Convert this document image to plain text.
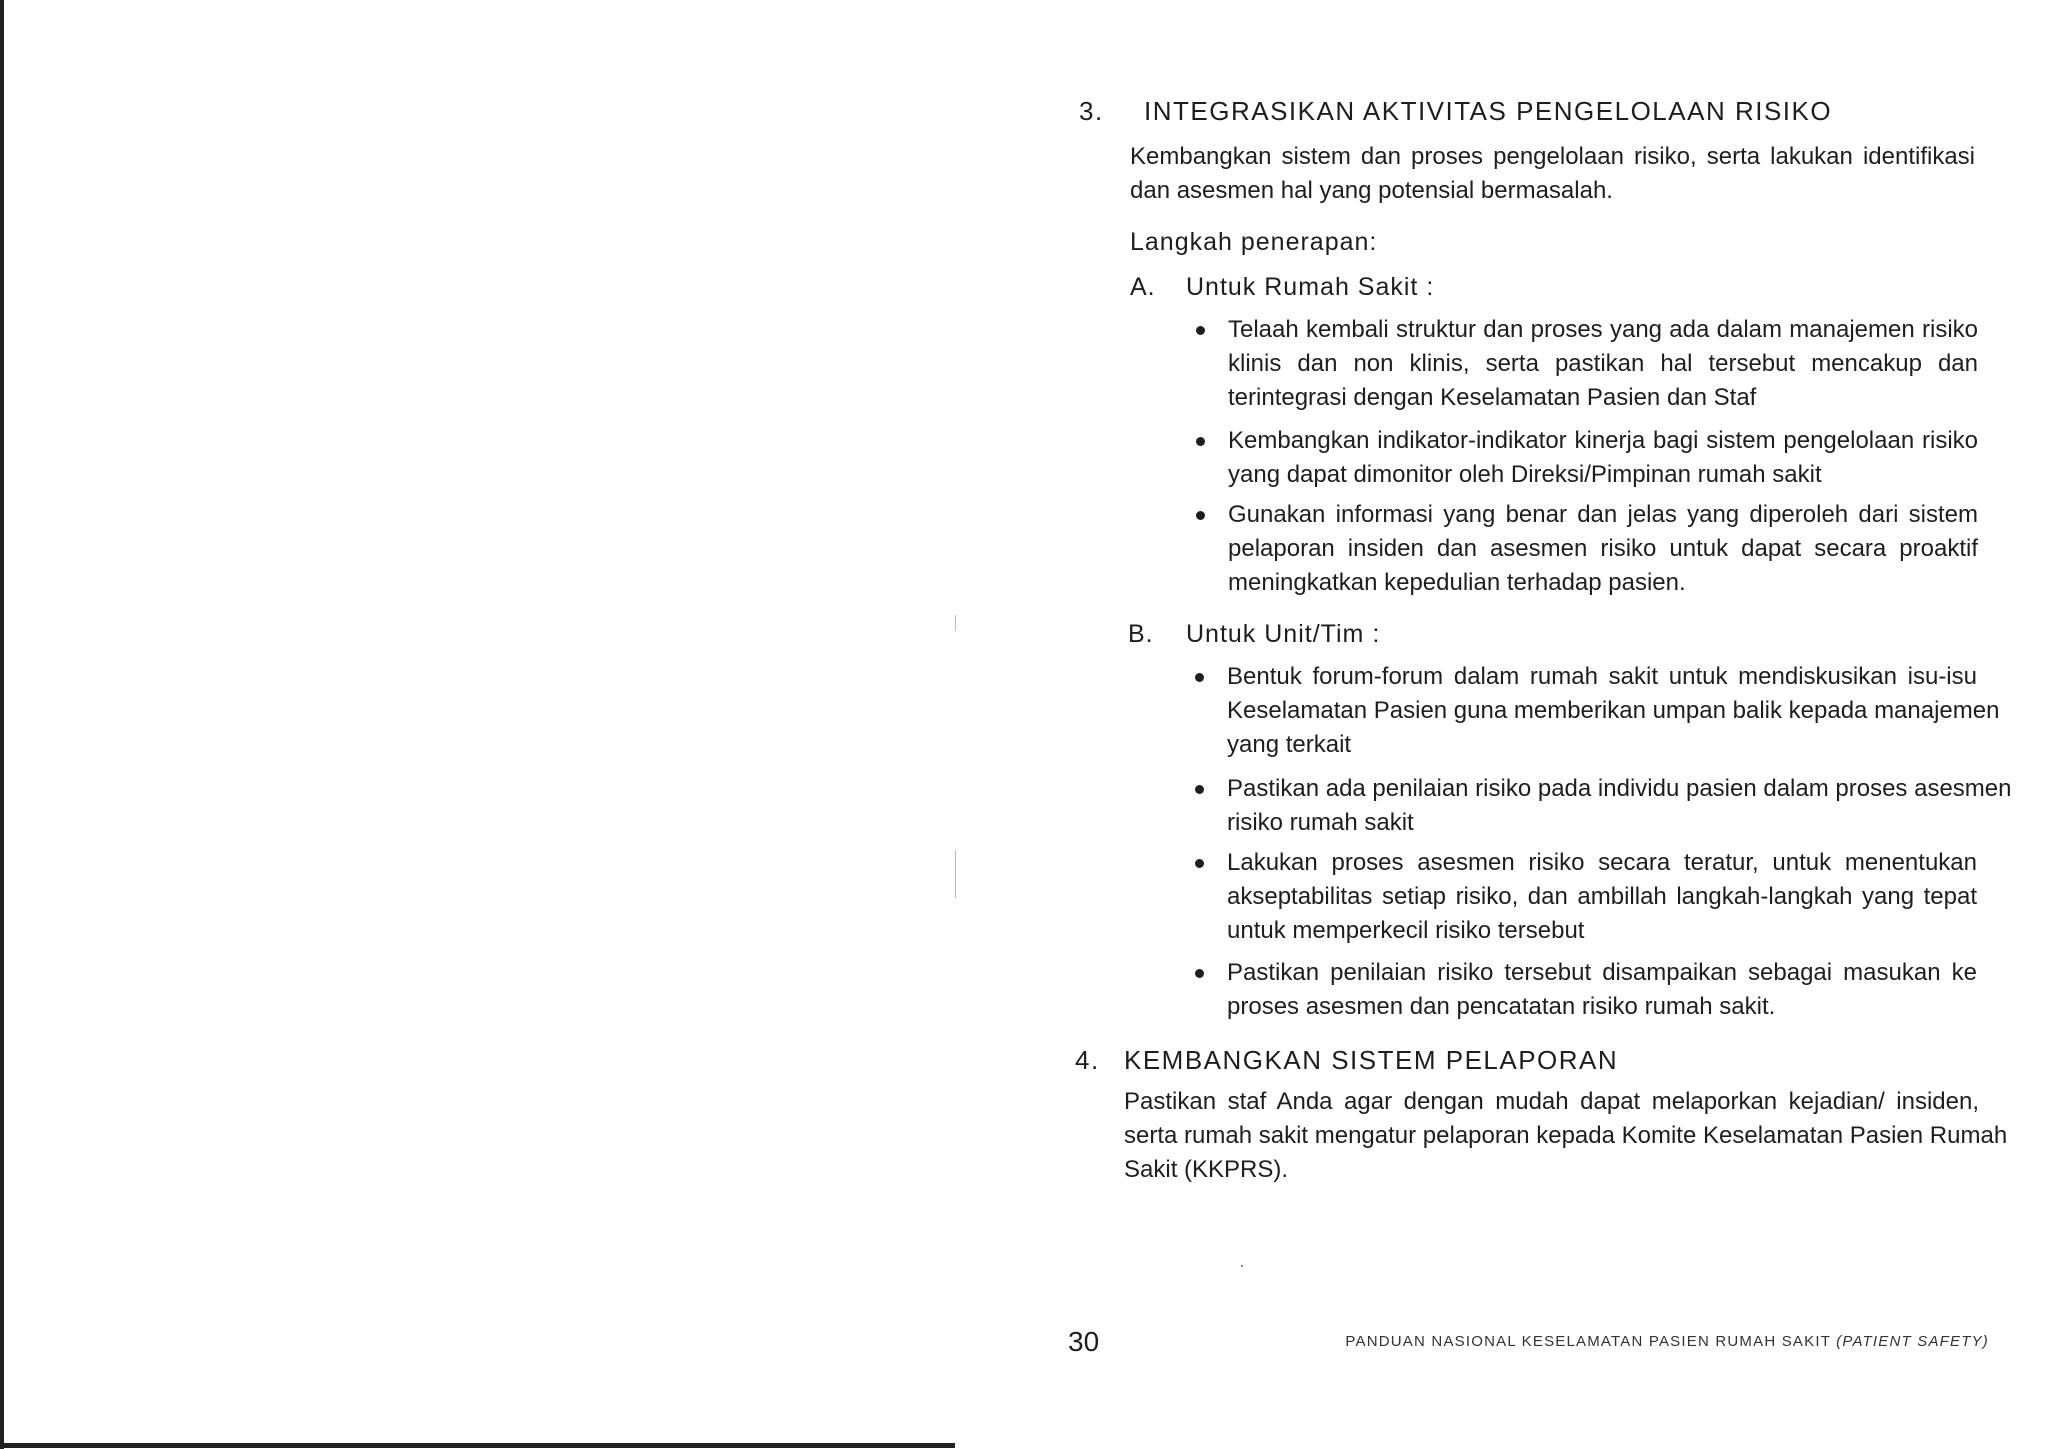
3. INTEGRASIKAN AKTIVITAS PENGELOLAAN RISIKO
Kembangkan sistem dan proses pengelolaan risiko, serta lakukan identifikasi
dan asesmen hal yang potensial bermasalah.
Langkah penerapan:
A. Untuk Rumah Sakit :
Telaah kembali struktur dan proses yang ada dalam manajemen risiko
klinis dan non klinis, serta pastikan hal tersebut mencakup dan
terintegrasi dengan Keselamatan Pasien dan Staf
Kembangkan indikator-indikator kinerja bagi sistem pengelolaan risiko
yang dapat dimonitor oleh Direksi/Pimpinan rumah sakit
Gunakan informasi yang benar dan jelas yang diperoleh dari sistem
pelaporan insiden dan asesmen risiko untuk dapat secara proaktif
meningkatkan kepedulian terhadap pasien.
B. Untuk Unit/Tim :
Bentuk forum-forum dalam rumah sakit untuk mendiskusikan isu-isu
Keselamatan Pasien guna memberikan umpan balik kepada manajemen
yang terkait
Pastikan ada penilaian risiko pada individu pasien dalam proses asesmen
risiko rumah sakit
Lakukan proses asesmen risiko secara teratur, untuk menentukan
akseptabilitas setiap risiko, dan ambillah langkah-langkah yang tepat
untuk memperkecil risiko tersebut
Pastikan penilaian risiko tersebut disampaikan sebagai masukan ke
proses asesmen dan pencatatan risiko rumah sakit.
4. KEMBANGKAN SISTEM PELAPORAN
Pastikan staf Anda agar dengan mudah dapat melaporkan kejadian/ insiden,
serta rumah sakit mengatur pelaporan kepada Komite Keselamatan Pasien Rumah
Sakit (KKPRS).
30	PANDUAN NASIONAL KESELAMATAN PASIEN RUMAH SAKIT (PATIENT SAFETY)
